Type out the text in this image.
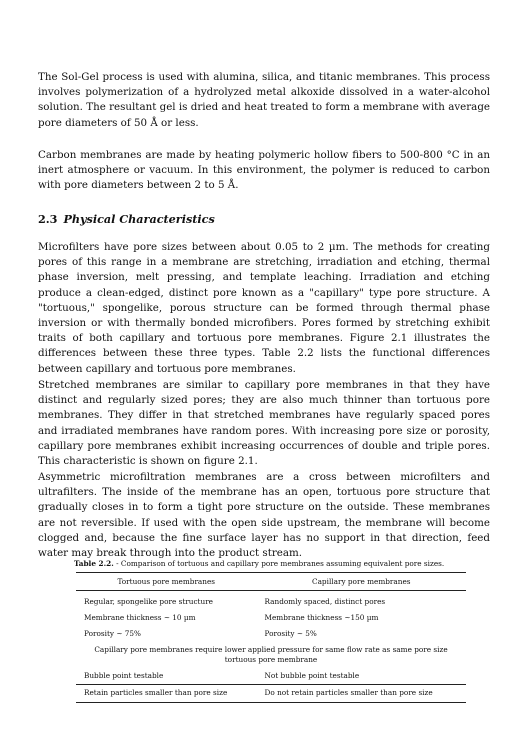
The Sol-Gel process is used with alumina, silica, and titanic membranes. This process involves polymerization of a hydrolyzed metal alkoxide dissolved in a water-alcohol solution. The resultant gel is dried and heat treated to form a membrane with average pore diameters of 50 Å or less.

Carbon membranes are made by heating polymeric hollow fibers to 500-800 °C in an inert atmosphere or vacuum. In this environment, the polymer is reduced to carbon with pore diameters between 2 to 5 Å.

2.3 Physical Characteristics

Microfilters have pore sizes between about 0.05 to 2 µm. The methods for creating pores of this range in a membrane are stretching, irradiation and etching, thermal phase inversion, melt pressing, and template leaching. Irradiation and etching produce a clean-edged, distinct pore known as a "capillary" type pore structure. A "tortuous," spongelike, porous structure can be formed through thermal phase inversion or with thermally bonded microfibers. Pores formed by stretching exhibit traits of both capillary and tortuous pore membranes. Figure 2.1 illustrates the differences between these three types. Table 2.2 lists the functional differences between capillary and tortuous pore membranes.

Stretched membranes are similar to capillary pore membranes in that they have distinct and regularly sized pores; they are also much thinner than tortuous pore membranes. They differ in that stretched membranes have regularly spaced pores and irradiated membranes have random pores. With increasing pore size or porosity, capillary pore membranes exhibit increasing occurrences of double and triple pores. This characteristic is shown on figure 2.1.

Asymmetric microfiltration membranes are a cross between microfilters and ultrafilters. The inside of the membrane has an open, tortuous pore structure that gradually closes in to form a tight pore structure on the outside. These membranes are not reversible. If used with the open side upstream, the membrane will become clogged and, because the fine surface layer has no support in that direction, feed water may break through into the product stream.

Table 2.2. - Comparison of tortuous and capillary pore membranes assuming equivalent pore sizes.
Tortuous pore membranes	Capillary pore membranes
Regular, spongelike pore structure	Randomly spaced, distinct pores
Membrane thickness ~ 10 µm	Membrane thickness ~150 µm
Porosity ~ 75%	Porosity ~ 5%
Capillary pore membranes require lower applied pressure for same flow rate as same pore size tortuous pore membrane	
Bubble point testable	Not bubble point testable
Retain particles smaller than pore size	Do not retain particles smaller than pore size
